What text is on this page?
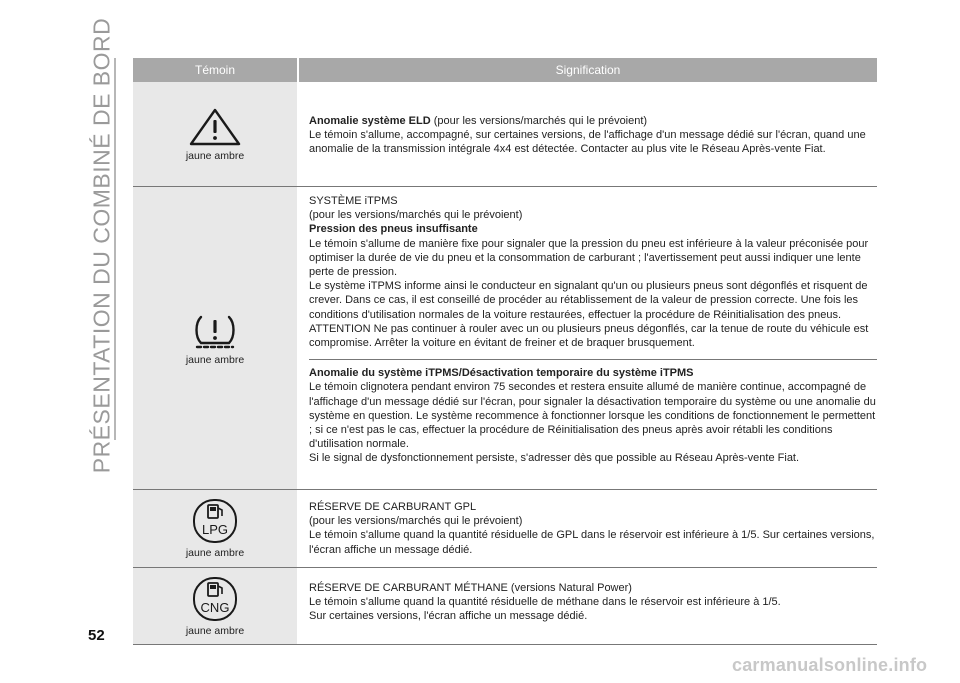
PRÉSENTATION DU COMBINÉ DE BORD	Témoin	Signification
jaune ambre

Anomalie système ELD (pour les versions/marchés qui le prévoient)

Le témoin s'allume, accompagné, sur certaines versions, de l'affichage d'un message dédié sur l'écran, quand une anomalie de la transmission intégrale 4x4 est détectée. Contacter au plus vite le Réseau Après-vente Fiat.

jaune ambre

SYSTÈME iTPMS

(pour les versions/marchés qui le prévoient)

Pression des pneus insuffisante

Le témoin s'allume de manière fixe pour signaler que la pression du pneu est inférieure à la valeur préconisée pour optimiser la durée de vie du pneu et la consommation de carburant ; l'avertissement peut aussi indiquer une lente perte de pression.

Le système iTPMS informe ainsi le conducteur en signalant qu'un ou plusieurs pneus sont dégonflés et risquent de crever. Dans ce cas, il est conseillé de procéder au rétablissement de la valeur de pression correcte. Une fois les conditions d'utilisation normales de la voiture restaurées, effectuer la procédure de Réinitialisation des pneus.

ATTENTION Ne pas continuer à rouler avec un ou plusieurs pneus dégonflés, car la tenue de route du véhicule est compromise. Arrêter la voiture en évitant de freiner et de braquer brusquement.

Anomalie du système iTPMS/Désactivation temporaire du système iTPMS

Le témoin clignotera pendant environ 75 secondes et restera ensuite allumé de manière continue, accompagné de l'affichage d'un message dédié sur l'écran, pour signaler la désactivation temporaire du système ou une anomalie du système en question. Le système recommence à fonctionner lorsque les conditions de fonctionnement le permettent ; si ce n'est pas le cas, effectuer la procédure de Réinitialisation des pneus après avoir rétabli les conditions d'utilisation normale.

Si le signal de dysfonctionnement persiste, s'adresser dès que possible au Réseau Après-vente Fiat.

LPG
jaune ambre

RÉSERVE DE CARBURANT GPL

(pour les versions/marchés qui le prévoient)

Le témoin s'allume quand la quantité résiduelle de GPL dans le réservoir est inférieure à 1/5. Sur certaines versions, l'écran affiche un message dédié.

CNG
jaune ambre

RÉSERVE DE CARBURANT MÉTHANE (versions Natural Power)

Le témoin s'allume quand la quantité résiduelle de méthane dans le réservoir est inférieure à 1/5.

Sur certaines versions, l'écran affiche un message dédié.

52
carmanualsonline.info
